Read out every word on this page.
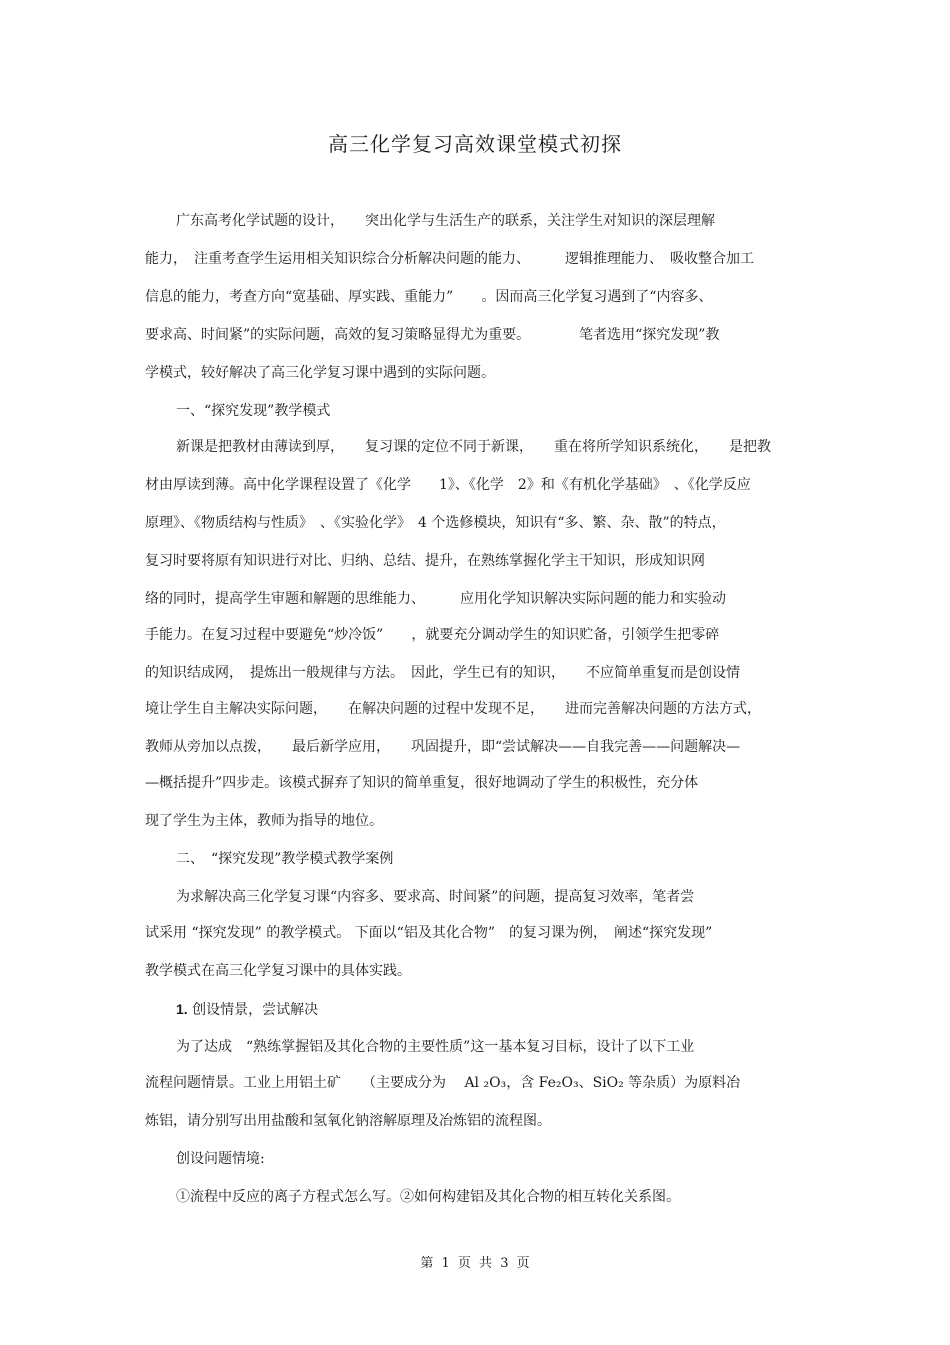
高三化学复习高效课堂模式初探
广东高考化学试题的设计，　　突出化学与生活生产的联系，关注学生对知识的深层理解
能力，　注重考查学生运用相关知识综合分析解决问题的能力、　　　逻辑推理能力、　吸收整合加工
信息的能力，考查方向“宽基础、厚实践、重能力”　　。因而高三化学复习遇到了“内容多、
要求高、时间紧”的实际问题，高效的复习策略显得尤为重要。　　　　笔者选用“探究发现”教
学模式，较好解决了高三化学复习课中遇到的实际问题。
一、“探究发现”教学模式
新课是把教材由薄读到厚，　　复习课的定位不同于新课，　　重在将所学知识系统化，　　是把教
材由厚读到薄。高中化学课程设置了《化学　　1》、《化学　2》和《有机化学基础》　、《化学反应
原理》、《物质结构与性质》　、《实验化学》　4 个选修模块，知识有“多、繁、杂、散”的特点，
复习时要将原有知识进行对比、归纳、总结、提升，在熟练掌握化学主干知识，形成知识网
络的同时，提高学生审题和解题的思维能力、　　　应用化学知识解决实际问题的能力和实验动
手能力。在复习过程中要避免“炒冷饭”　　，就要充分调动学生的知识贮备，引领学生把零碎
的知识结成网，　提炼出一般规律与方法。　因此，学生已有的知识，　　不应简单重复而是创设情
境让学生自主解决实际问题，　　在解决问题的过程中发现不足，　　进而完善解决问题的方法方式，
教师从旁加以点拨，　　最后新学应用，　　巩固提升，即“尝试解决——自我完善——问题解决—
—概括提升”四步走。该模式摒弃了知识的简单重复，很好地调动了学生的积极性，充分体
现了学生为主体，教师为指导的地位。
二、　“探究发现”教学模式教学案例
为求解决高三化学复习课“内容多、要求高、时间紧”的问题，提高复习效率，笔者尝
试采用 “探究发现” 的教学模式。 下面以“铝及其化合物”　的复习课为例，　阐述“探究发现”
教学模式在高三化学复习课中的具体实践。
1. 创设情景，尝试解决
为了达成　“熟练掌握铝及其化合物的主要性质”这一基本复习目标，设计了以下工业
流程问题情景。工业上用铝土矿　　（主要成分为　 Al ₂O₃，含 Fe₂O₃、SiO₂ 等杂质）为原料冶
炼铝，请分别写出用盐酸和氢氧化钠溶解原理及冶炼铝的流程图。
创设问题情境:
①流程中反应的离子方程式怎么写。②如何构建铝及其化合物的相互转化关系图。
第 1 页 共 3 页
